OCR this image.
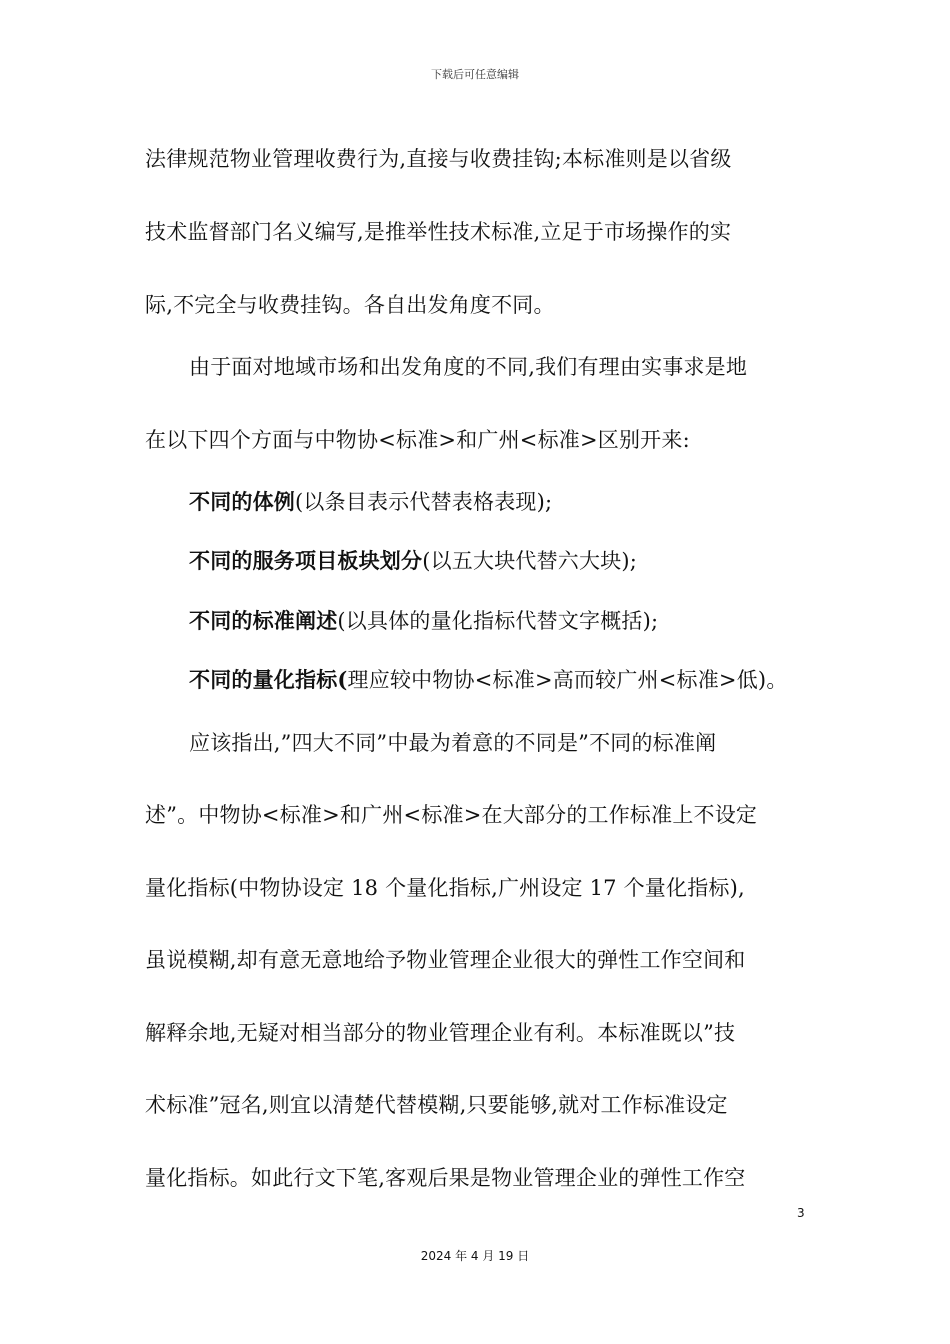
下载后可任意编辑
法律规范物业管理收费行为,直接与收费挂钩;本标准则是以省级
技术监督部门名义编写,是推举性技术标准,立足于市场操作的实
际,不完全与收费挂钩。各自出发角度不同。
由于面对地域市场和出发角度的不同,我们有理由实事求是地
在以下四个方面与中物协<标准>和广州<标准>区别开来:
不同的体例(以条目表示代替表格表现);
不同的服务项目板块划分(以五大块代替六大块);
不同的标准阐述(以具体的量化指标代替文字概括);
不同的量化指标(理应较中物协<标准>高而较广州<标准>低)。
应该指出,”四大不同”中最为着意的不同是”不同的标准阐
述”。中物协<标准>和广州<标准>在大部分的工作标准上不设定
量化指标(中物协设定 18 个量化指标,广州设定 17 个量化指标),
虽说模糊,却有意无意地给予物业管理企业很大的弹性工作空间和
解释余地,无疑对相当部分的物业管理企业有利。本标准既以”技
术标准”冠名,则宜以清楚代替模糊,只要能够,就对工作标准设定
量化指标。如此行文下笔,客观后果是物业管理企业的弹性工作空
3
2024 年 4 月 19 日
